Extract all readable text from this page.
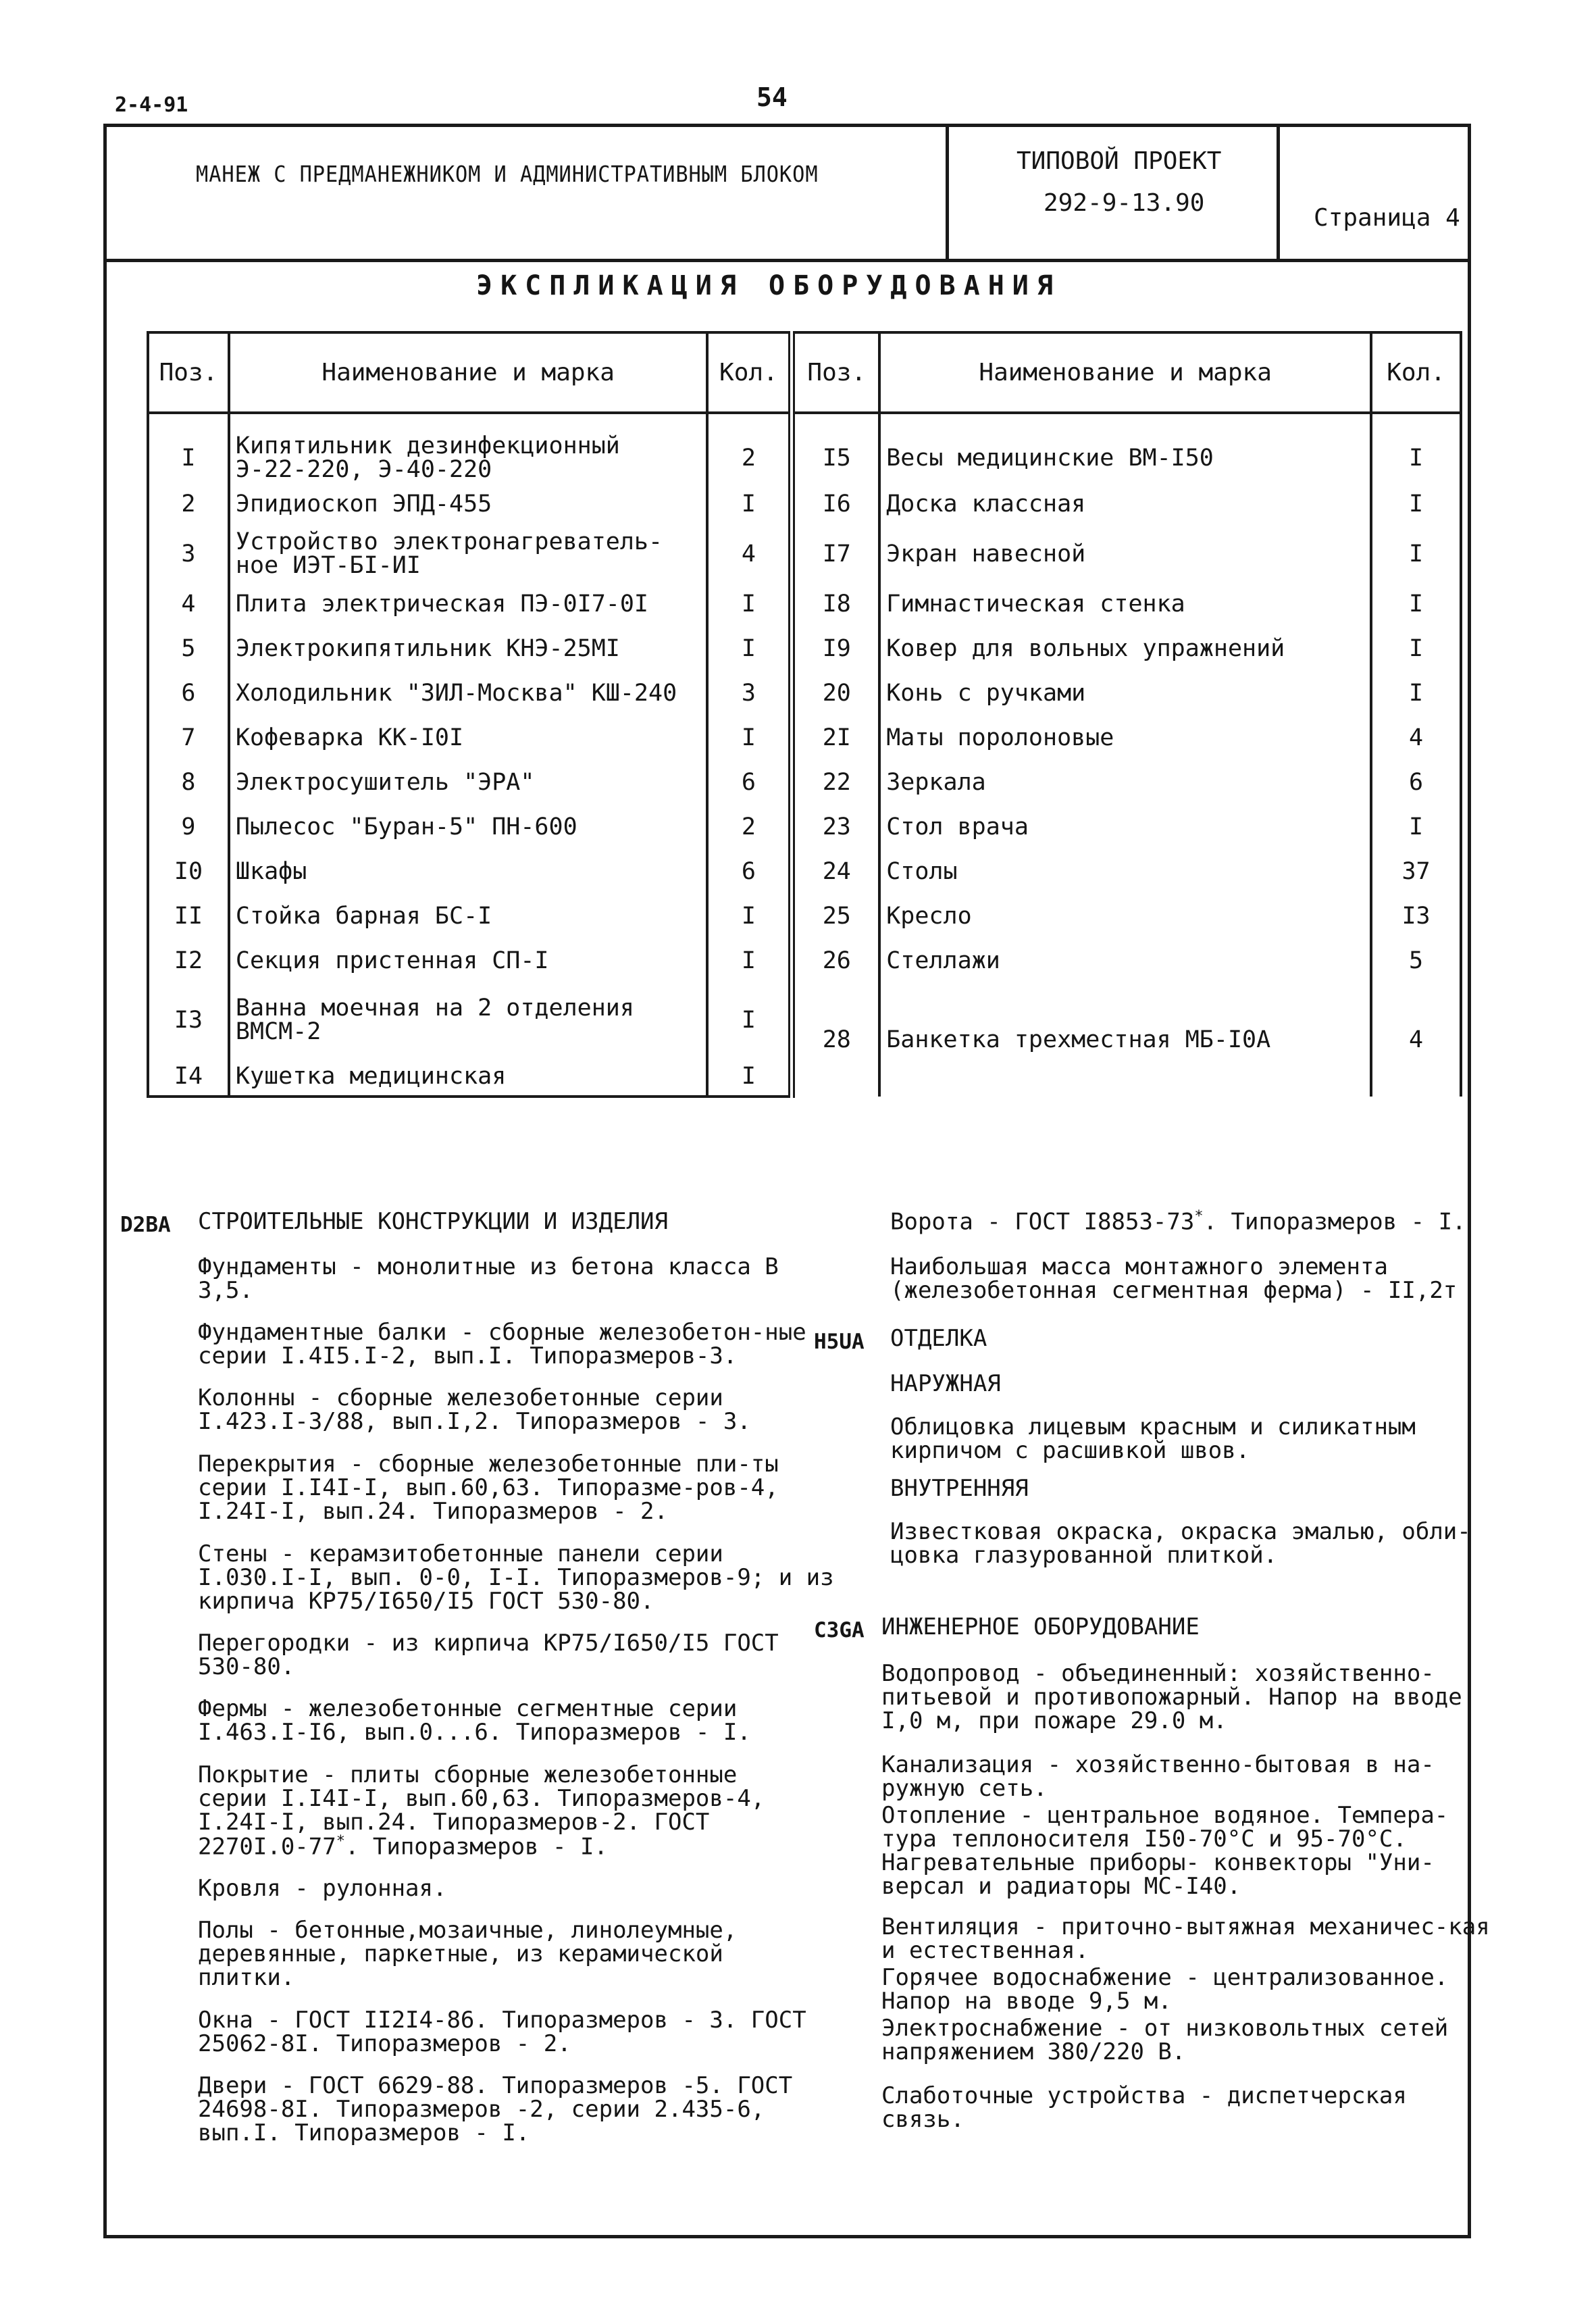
2-4-91	54
МАНЕЖ С ПРЕДМАНЕЖНИКОМ И АДМИНИСТРАТИВНЫМ БЛОКОМ	ТИПОВОЙ ПРОЕКТ
292-9-13.90
Страница 4
ЭКСПЛИКАЦИЯ ОБОРУДОВАНИЯ
Поз.	Наименование и марка	Кол.	Поз.	Наименование и марка	Кол.
I	Кипятильник дезинфекционный Э-22-220, Э-40-220	2	I5	Весы медицинские ВМ-I50	I
2	Эпидиоскоп ЭПД-455	I	I6	Доска классная	I
3	Устройство электронагреватель-ное ИЭТ-БI-ИI	4	I7	Экран навесной	I
4	Плита электрическая ПЭ-0I7-0I	I	I8	Гимнастическая стенка	I
5	Электрокипятильник КНЭ-25МI	I	I9	Ковер для вольных упражнений	I
6	Холодильник "ЗИЛ-Москва" КШ-240	3	20	Конь с ручками	I
7	Кофеварка КК-I0I	I	2I	Маты поролоновые	4
8	Электросушитель "ЭРА"	6	22	Зеркала	6
9	Пылесос "Буран-5" ПН-600	2	23	Стол врача	I
I0	Шкафы	6	24	Столы	37
II	Стойка барная БС-I	I	25	Кресло	I3
I2	Секция пристенная СП-I	I	26	Стеллажи	5
I3	Ванна моечная на 2 отделения ВМСМ-2	I	28	Банкетка трехместная МБ-I0А	4
I4	Кушетка медицинская	I			
D2BA СТРОИТЕЛЬНЫЕ КОНСТРУКЦИИ И ИЗДЕЛИЯ
Фундаменты - монолитные из бетона класса В 3,5.
Фундаментные балки - сборные железобетон-ные серии I.4I5.I-2, вып.I. Типоразмеров-3.
Колонны - сборные железобетонные серии I.423.I-3/88, вып.I,2. Типоразмеров - 3.
Перекрытия - сборные железобетонные пли-ты серии I.I4I-I, вып.60,63. Типоразме-ров-4, I.24I-I, вып.24. Типоразмеров - 2.
Стены - керамзитобетонные панели серии I.030.I-I, вып. 0-0, I-I. Типоразмеров-9; и из кирпича КР75/I650/I5 ГОСТ 530-80.
Перегородки - из кирпича КР75/I650/I5 ГОСТ 530-80.
Фермы - железобетонные сегментные серии I.463.I-I6, вып.0...6. Типоразмеров - I.
Покрытие - плиты сборные железобетонные серии I.I4I-I, вып.60,63. Типоразмеров-4, I.24I-I, вып.24. Типоразмеров-2. ГОСТ 2270I.0-77*. Типоразмеров - I.
Кровля - рулонная.
Полы - бетонные,мозаичные, линолеумные, деревянные, паркетные, из керамической плитки.
Окна - ГОСТ II2I4-86. Типоразмеров - 3. ГОСТ 25062-8I. Типоразмеров - 2.
Двери - ГОСТ 6629-88. Типоразмеров -5. ГОСТ 24698-8I. Типоразмеров -2, серии 2.435-6, вып.I. Типоразмеров - I.
Ворота - ГОСТ I8853-73*. Типоразмеров - I.
Наибольшая масса монтажного элемента (железобетонная сегментная ферма) - II,2т
H5UA ОТДЕЛКА
НАРУЖНАЯ
Облицовка лицевым красным и силикатным кирпичом с расшивкой швов.
ВНУТРЕННЯЯ
Известковая окраска, окраска эмалью, обли-цовка глазурованной плиткой.
C3GA ИНЖЕНЕРНОЕ ОБОРУДОВАНИЕ
Водопровод - объединенный: хозяйственно-питьевой и противопожарный. Напор на вводе I,0 м, при пожаре 29.0 м.
Канализация - хозяйственно-бытовая в на-ружную сеть.
Отопление - центральное водяное. Темпера-тура теплоносителя I50-70°С и 95-70°С. Нагревательные приборы- конвекторы "Уни-версал и радиаторы МС-I40.
Вентиляция - приточно-вытяжная механичес-кая и естественная.
Горячее водоснабжение - централизованное. Напор на вводе 9,5 м.
Электроснабжение - от низковольтных сетей напряжением 380/220 В.
Слаботочные устройства - диспетчерская связь.
